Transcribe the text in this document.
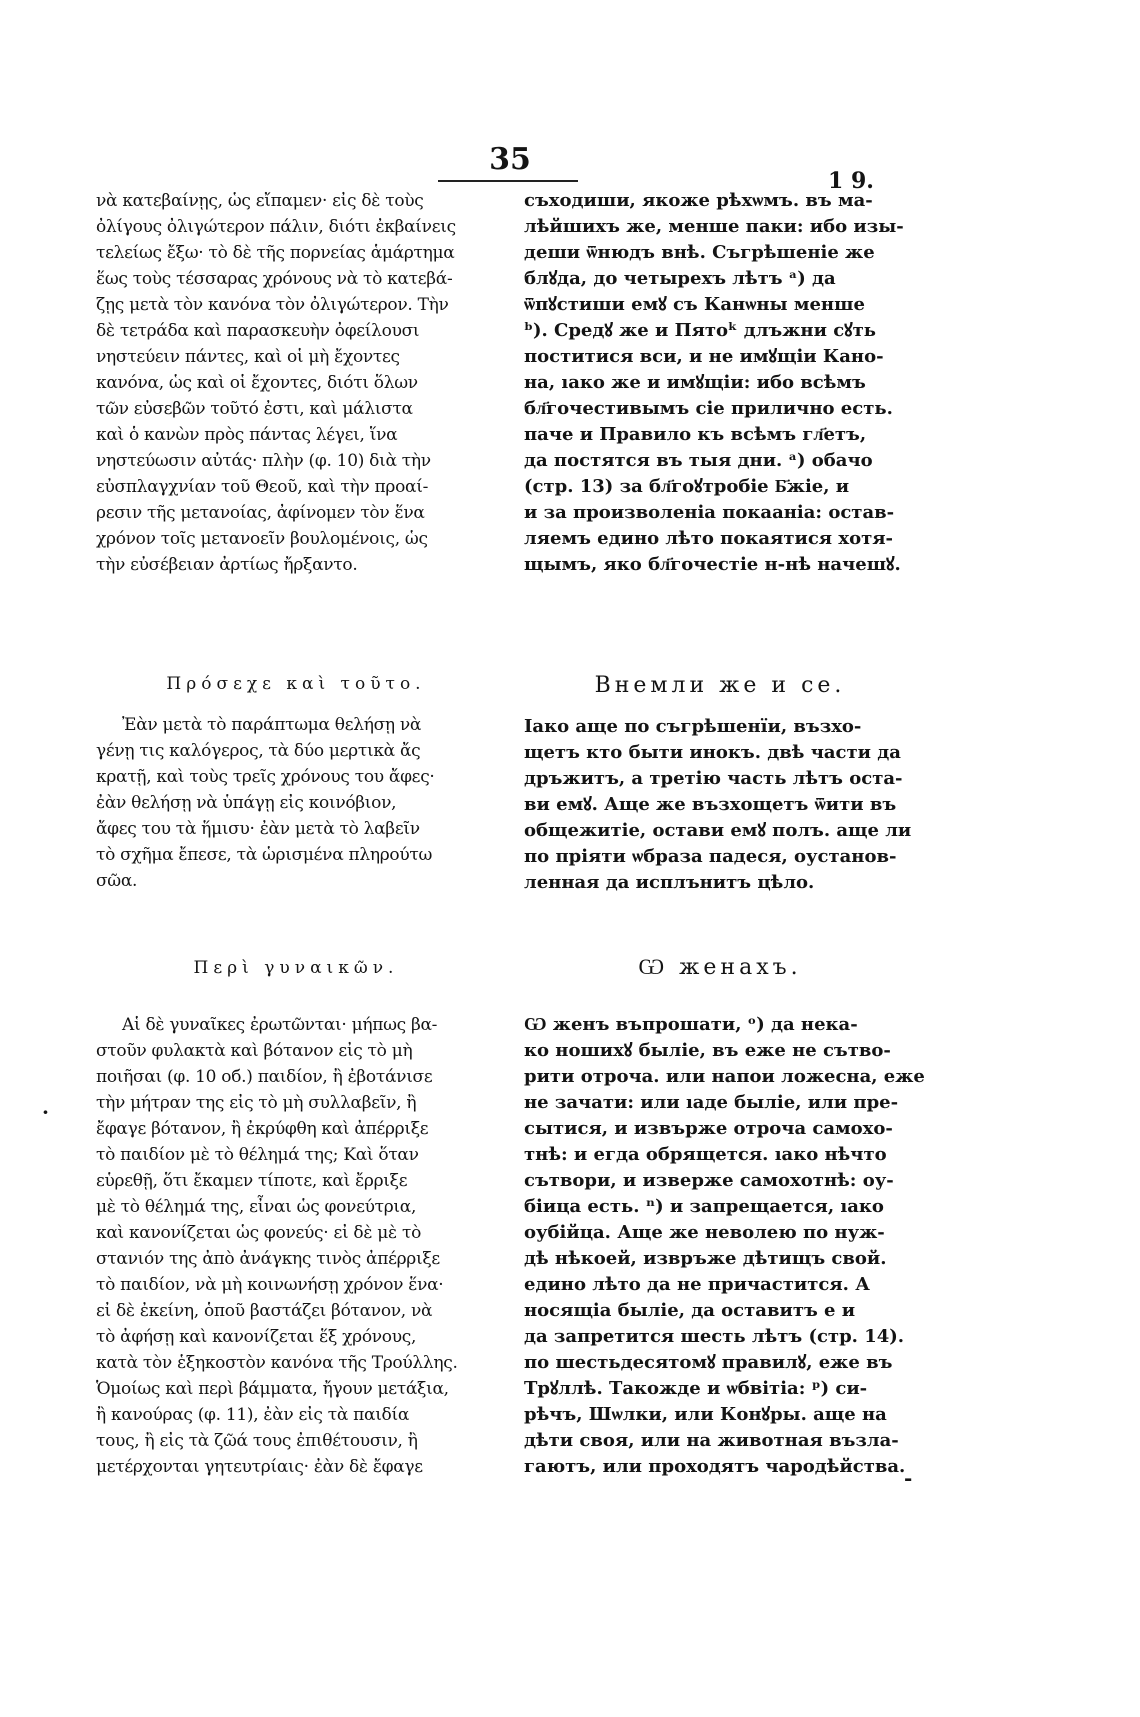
35
1 9.
νὰ κατεβαίνῃς, ὡς εἴπαμεν· εἰς δὲ τοὺς
ὀλίγους ὀλιγώτερον πάλιν, διότι ἐκβαίνεις
τελείως ἔξω· τὸ δὲ τῆς πορνείας ἁμάρτημα
ἕως τοὺς τέσσαρας χρόνους νὰ τὸ κατεβά-
ζῃς μετὰ τὸν κανόνα τὸν ὀλιγώτερον. Τὴν
δὲ τετράδα καὶ παρασκευὴν ὀφείλουσι
νηστεύειν πάντες, καὶ οἱ μὴ ἔχοντες
κανόνα, ὡς καὶ οἱ ἔχοντες, διότι ὅλων
τῶν εὐσεβῶν τοῦτό ἐστι, καὶ μάλιστα
καὶ ὁ κανὼν πρὸς πάντας λέγει, ἵνα
νηστεύωσιν αὐτάς· πλὴν (φ. 10) διὰ τὴν
εὐσπλαγχνίαν τοῦ Θεοῦ, καὶ τὴν προαί-
ρεσιν τῆς μετανοίας, ἀφίνομεν τὸν ἕνα
χρόνον τοῖς μετανοεῖν βουλομένοις, ὡς
τὴν εὐσέβειαν ἀρτίως ἤρξαντο.
Πρόσεχε καὶ τοῦτο.
Ἐὰν μετὰ τὸ παράπτωμα θελήσῃ νὰ
γένῃ τις καλόγερος, τὰ δύο μερτικὰ ἄς
κρατῇ, καὶ τοὺς τρεῖς χρόνους του ἄφες·
ἐὰν θελήσῃ νὰ ὑπάγῃ εἰς κοινόβιον,
ἄφες του τὰ ἥμισυ· ἐὰν μετὰ τὸ λαβεῖν
τὸ σχῆμα ἔπεσε, τὰ ὡρισμένα πληρούτω
σῶα.
Περὶ γυναικῶν.
Αἱ δὲ γυναῖκες ἐρωτῶνται· μήπως βα-
στοῦν φυλακτὰ καὶ βότανον εἰς τὸ μὴ
ποιῆσαι (φ. 10 οб.) παιδίον, ἢ ἐβοτάνισε
τὴν μήτραν της εἰς τὸ μὴ συλλαβεῖν, ἢ
ἔφαγε βότανον, ἢ ἐκρύφθη καὶ ἀπέρριξε
τὸ παιδίον μὲ τὸ θέλημά της; Καὶ ὅταν
εὑρεθῇ, ὅτι ἔκαμεν τίποτε, καὶ ἔρριξε
μὲ τὸ θέλημά της, εἶναι ὡς φονεύτρια,
καὶ κανονίζεται ὡς φονεύς· εἰ δὲ μὲ τὸ
στανιόν της ἀπὸ ἀνάγκης τινὸς ἀπέρριξε
τὸ παιδίον, νὰ μὴ κοινωνήσῃ χρόνον ἕνα·
εἰ δὲ ἐκείνη, ὁποῦ βαστάζει βότανον, νὰ
τὸ ἀφήσῃ καὶ κανονίζεται ἕξ χρόνους,
κατὰ τὸν ἑξηκοστὸν κανόνα τῆς Τρούλλης.
Ὁμοίως καὶ περὶ βάμματα, ἤγουν μετάξια,
ἢ κανούρας (φ. 11), ἐὰν εἰς τὰ παιδία
τους, ἢ εἰς τὰ ζῶά τους ἐπιθέτουσιν, ἢ
μετέρχονται γητευτρίαις· ἐὰν δὲ ἔφαγε
съходиши, якоже рѣхѡмъ. въ ма-
лѣйшихъ же, менше паки: ибо изы-
деши ѿнюдъ внѣ. Съгрѣшеніе же
блꙋда, до четырехъ лѣтъ ᵃ) да
ѿпꙋстиши емꙋ съ Канѡны менше
ᵇ). Средꙋ же и Пятоᵏ длъжни сꙋть
поститися вси, и не имꙋщіи Кано-
на, ıако же и имꙋщіи: ибо всѣмъ
бл҃гочестивымъ сіе прилично есть.
паче и Правило къ всѣмъ гл҃етъ,
да постятся въ тыя дни. ᵃ) обачо
(стр. 13) за бл҃гоꙋтробіе Б҃жіе, и
и за произволеніа покааніа: остав-
ляемъ едино лѣто покаятися хотя-
щымъ, яко бл҃гочестіе н-нѣ начешꙋ.
Внемли же и се.
Іако аще по съгрѣшенїи, възхо-
щетъ кто быти инокъ. двѣ части да
дръжитъ, а третію часть лѣтъ оста-
ви емꙋ. Аще же възхощетъ ѿити въ
общежитіе, остави емꙋ полъ. аще ли
по пріяти ѡбраза падеся, оустанов-
ленная да исплънитъ цѣло.
Ѡ женахъ.
Ѡ женъ въпрошати, ᵒ) да нека-
ко ношихꙋ быліе, въ еже не сътво-
рити отроча. или напои ложесна, еже
не зачати: или ıаде быліе, или пре-
сытися, и извържe отроча самохо-
тнѣ: и егда обрящется. ıако нѣчто
сътвори, и изверже самохотнѣ: оу-
біица есть. ⁿ) и запрещается, ıако
оубійца. Аще же неволею по нуж-
дѣ нѣкоей, извръже дѣтищъ свой.
едино лѣто да не причастится. А
носящіа быліе, да оставитъ е и
да запретится шесть лѣтъ (стр. 14).
по шестьдесятомꙋ правилꙋ, еже въ
Трꙋллѣ. Такожде и ѡбвітіа: ᵖ) си-
рѣчъ, Шѡлки, или Конꙋры. аще на
дѣти своя, или на животная възла-
гаютъ, или проходятъ чародѣйства.
·
-
